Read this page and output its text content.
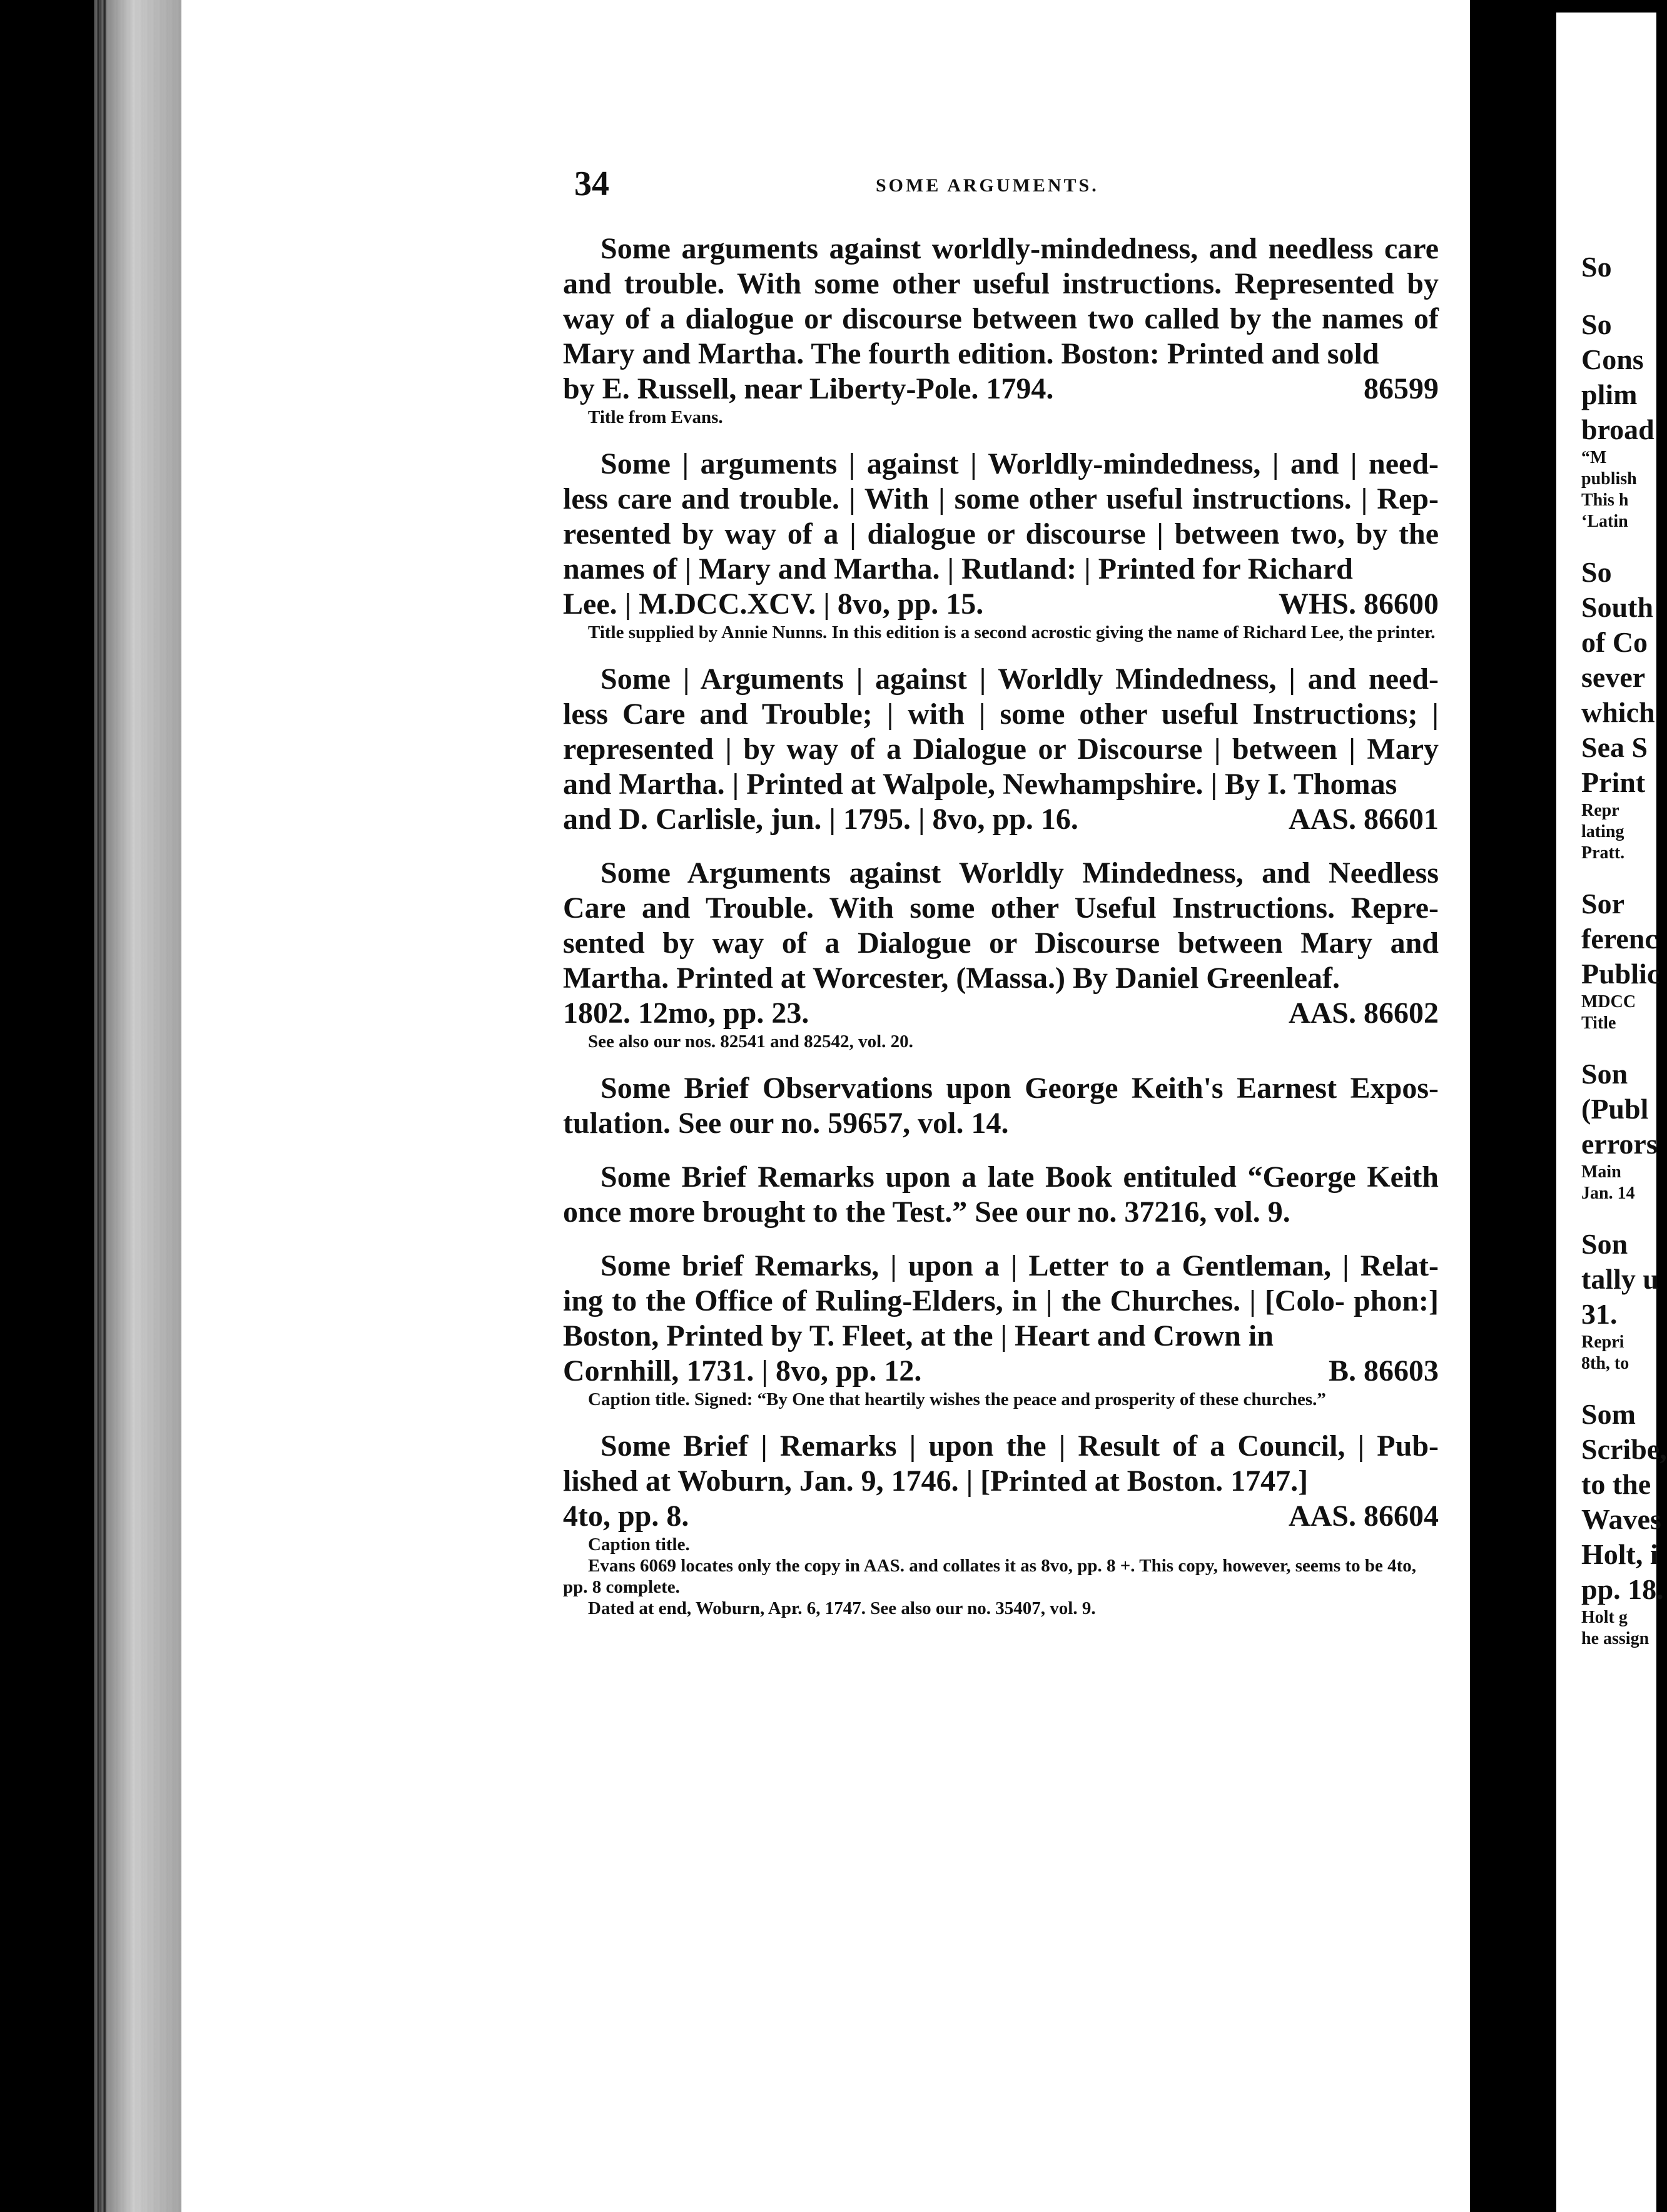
So
So
Cons
plim
broad
“M
publish
This h
‘Latin
So
South
of Co
sever
which
Sea S
Print
Repr
lating
Pratt.
Sor
ferenc
Public
MDCC
Title
Son
(Publ
errors
Main
Jan. 14
Son
tally u
31.
Repri
8th, to
Som
Scribe,
to the
Waves
Holt, i
pp. 18.
Holt g
he assign
34	SOME ARGUMENTS.

Some arguments against worldly-mindedness, and needless care and trouble. With some other useful instructions. Represented by way of a dialogue or discourse between two called by the names of Mary and Martha. The fourth edition. Boston: Printed and sold

by E. Russell, near Liberty-Pole. 1794.	86599

Title from Evans.

Some | arguments | against | Worldly-mindedness, | and | need- less care and trouble. | With | some other useful instructions. | Rep- resented by way of a | dialogue or discourse | between two, by the names of | Mary and Martha. | Rutland: | Printed for Richard

Lee. | M.DCC.XCV. | 8vo, pp. 15.	WHS. 86600

Title supplied by Annie Nunns. In this edition is a second acrostic giving the name of Richard Lee, the printer.

Some | Arguments | against | Worldly Mindedness, | and need- less Care and Trouble; | with | some other useful Instructions; | represented | by way of a Dialogue or Discourse | between | Mary and Martha. | Printed at Walpole, Newhampshire. | By I. Thomas

and D. Carlisle, jun. | 1795. | 8vo, pp. 16.	AAS. 86601

Some Arguments against Worldly Mindedness, and Needless Care and Trouble. With some other Useful Instructions. Repre- sented by way of a Dialogue or Discourse between Mary and Martha. Printed at Worcester, (Massa.) By Daniel Greenleaf.

1802. 12mo, pp. 23.	AAS. 86602

See also our nos. 82541 and 82542, vol. 20.

Some Brief Observations upon George Keith's Earnest Expos- tulation. See our no. 59657, vol. 14.

Some Brief Remarks upon a late Book entituled “George Keith once more brought to the Test.” See our no. 37216, vol. 9.

Some brief Remarks, | upon a | Letter to a Gentleman, | Relat- ing to the Office of Ruling-Elders, in | the Churches. | [Colo- phon:] Boston, Printed by T. Fleet, at the | Heart and Crown in

Cornhill, 1731. | 8vo, pp. 12.	B. 86603

Caption title. Signed: “By One that heartily wishes the peace and prosperity of these churches.”

Some Brief | Remarks | upon the | Result of a Council, | Pub- lished at Woburn, Jan. 9, 1746. | [Printed at Boston. 1747.]

4to, pp. 8.	AAS. 86604

Caption title.

Evans 6069 locates only the copy in AAS. and collates it as 8vo, pp. 8 +. This copy, however, seems to be 4to, pp. 8 complete.

Dated at end, Woburn, Apr. 6, 1747. See also our no. 35407, vol. 9.
